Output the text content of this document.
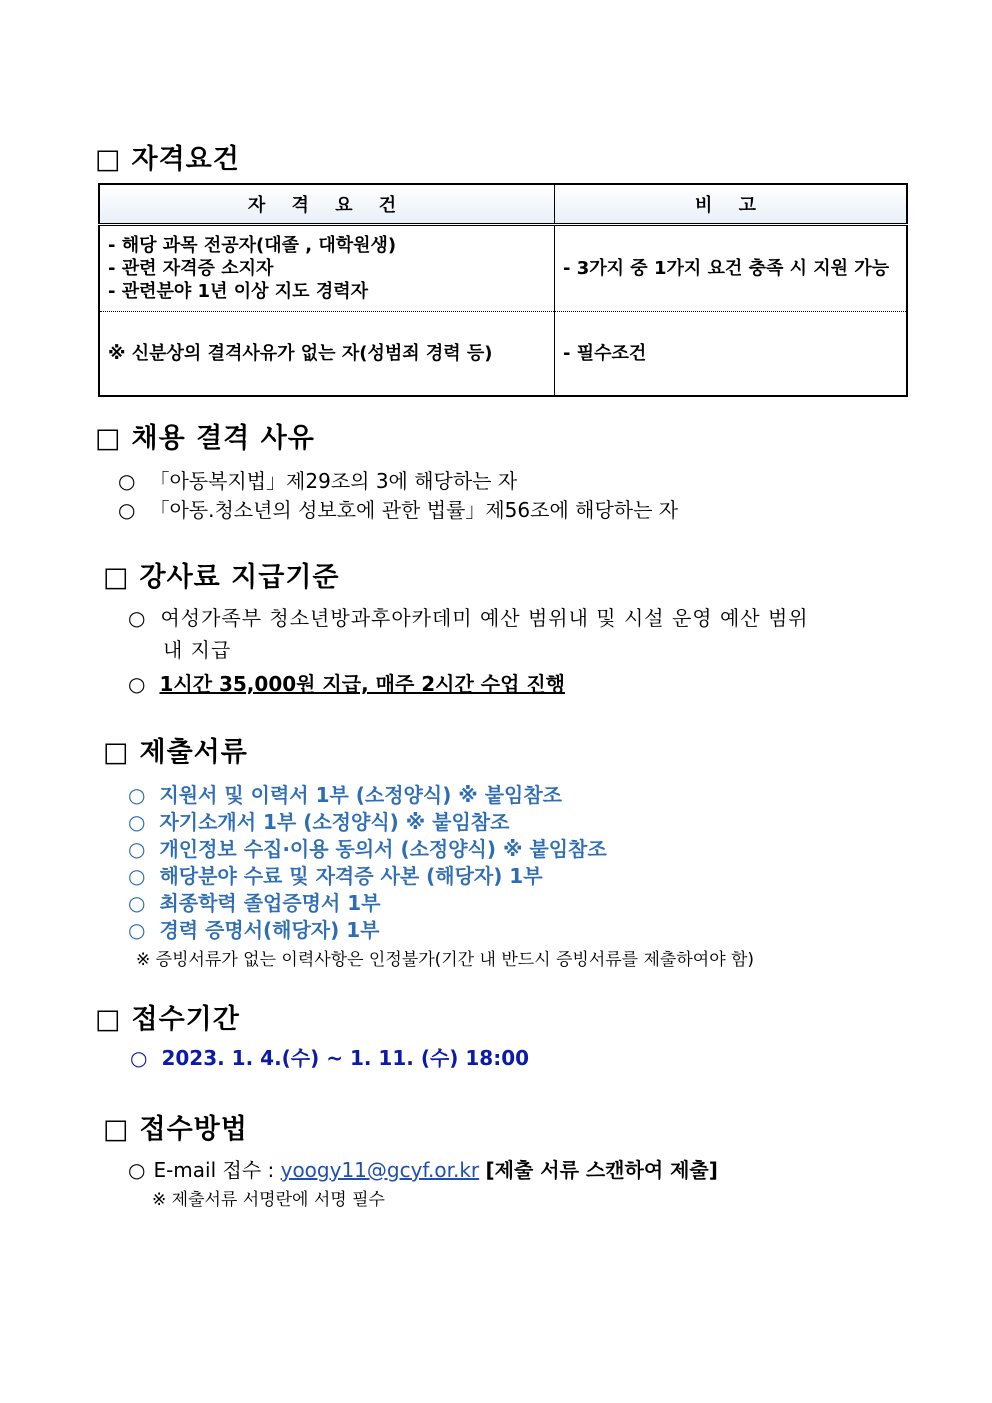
□ 자격요건
자 격 요 건	비 고

- 해당 과목 전공자(대졸 , 대학원생)
- 관련 자격증 소지자
- 관련분야 1년 이상 지도 경력자	- 3가지 중 1가지 요건 충족 시 지원 가능

※ 신분상의 결격사유가 없는 자(성범죄 경력 등)	- 필수조건
□ 채용 결격 사유
○ 「아동복지법」제29조의 3에 해당하는 자
○ 「아동.청소년의 성보호에 관한 법률」제56조에 해당하는 자
□ 강사료 지급기준
○ 여성가족부 청소년방과후아카데미 예산 범위내 및 시설 운영 예산 범위
내 지급
○ 1시간 35,000원 지급, 매주 2시간 수업 진행
□ 제출서류
○ 지원서 및 이력서 1부 (소정양식) ※ 붙임참조
○ 자기소개서 1부 (소정양식) ※ 붙임참조
○ 개인정보 수집·이용 동의서 (소정양식) ※ 붙임참조
○ 해당분야 수료 및 자격증 사본 (해당자) 1부
○ 최종학력 졸업증명서 1부
○ 경력 증명서(해당자) 1부
※ 증빙서류가 없는 이력사항은 인정불가(기간 내 반드시 증빙서류를 제출하여야 함)
□ 접수기간
○ 2023. 1. 4.(수) ~ 1. 11. (수) 18:00
□ 접수방법
○ E-mail 접수 : yoogy11@gcyf.or.kr [제출 서류 스캔하여 제출]
※ 제출서류 서명란에 서명 필수
